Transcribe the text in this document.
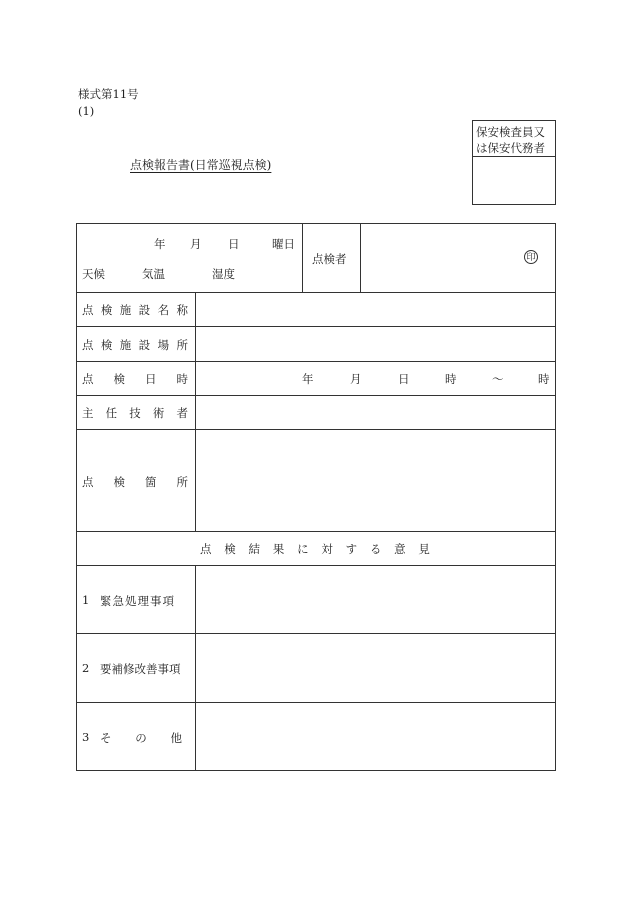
様式第11号
(1)
点検報告書(日常巡視点検)
保安検査員又
は保安代務者
年 月 日	曜日
天候	気温	湿度
点検者	印
点 検 施 設 名 称
点 検 施 設 場 所
点 検 日 時	年	月	日	時	〜	時
主 任 技 術 者
点 検 箇 所
点 検 結 果 に 対 す る 意 見
1 緊急処理事項
2 要補修改善事項
3 そ の 他
